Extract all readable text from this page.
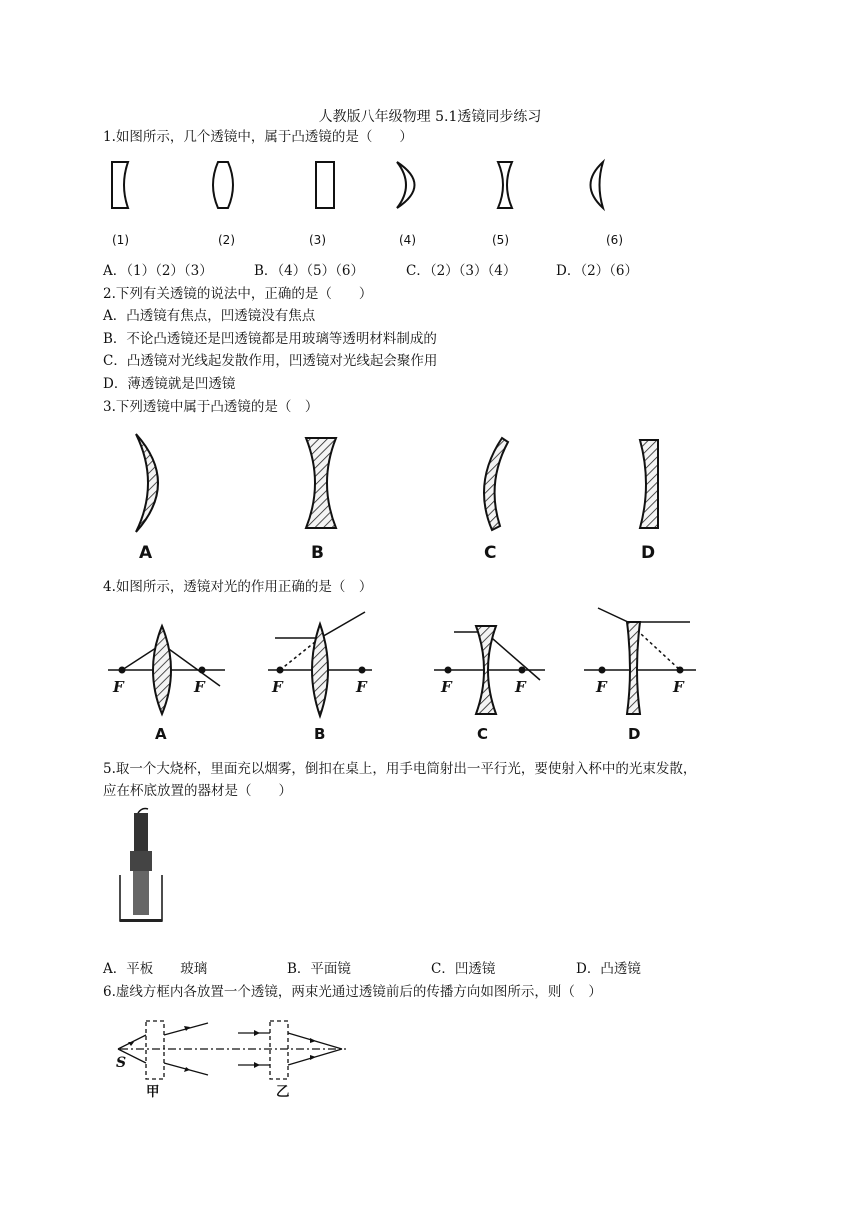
人教版八年级物理 5.1透镜同步练习
1.如图所示，几个透镜中，属于凸透镜的是（　　）
(1)	(2)	(3)	(4)	(5)	(6)
A．（1）（2）（3）	B．（4）（5）（6）	C．（2）（3）（4）	D．（2）（6）
2.下列有关透镜的说法中，正确的是（　　）
A．凸透镜有焦点，凹透镜没有焦点
B．不论凸透镜还是凹透镜都是用玻璃等透明材料制成的
C．凸透镜对光线起发散作用，凹透镜对光线起会聚作用
D．薄透镜就是凹透镜
3.下列透镜中属于凸透镜的是（　）
A	B	C	D
4.如图所示，透镜对光的作用正确的是（　）
F	F	F	F	F	F	F	F
A	B	C	D
5.取一个大烧杯，里面充以烟雾，倒扣在桌上，用手电筒射出一平行光，要使射入杯中的光束发散，
应在杯底放置的器材是（　　）
A．平板　　玻璃	B．平面镜	C．凹透镜	D．凸透镜
6.虚线方框内各放置一个透镜，两束光通过透镜前后的传播方向如图所示，则（　）
S
甲	乙
